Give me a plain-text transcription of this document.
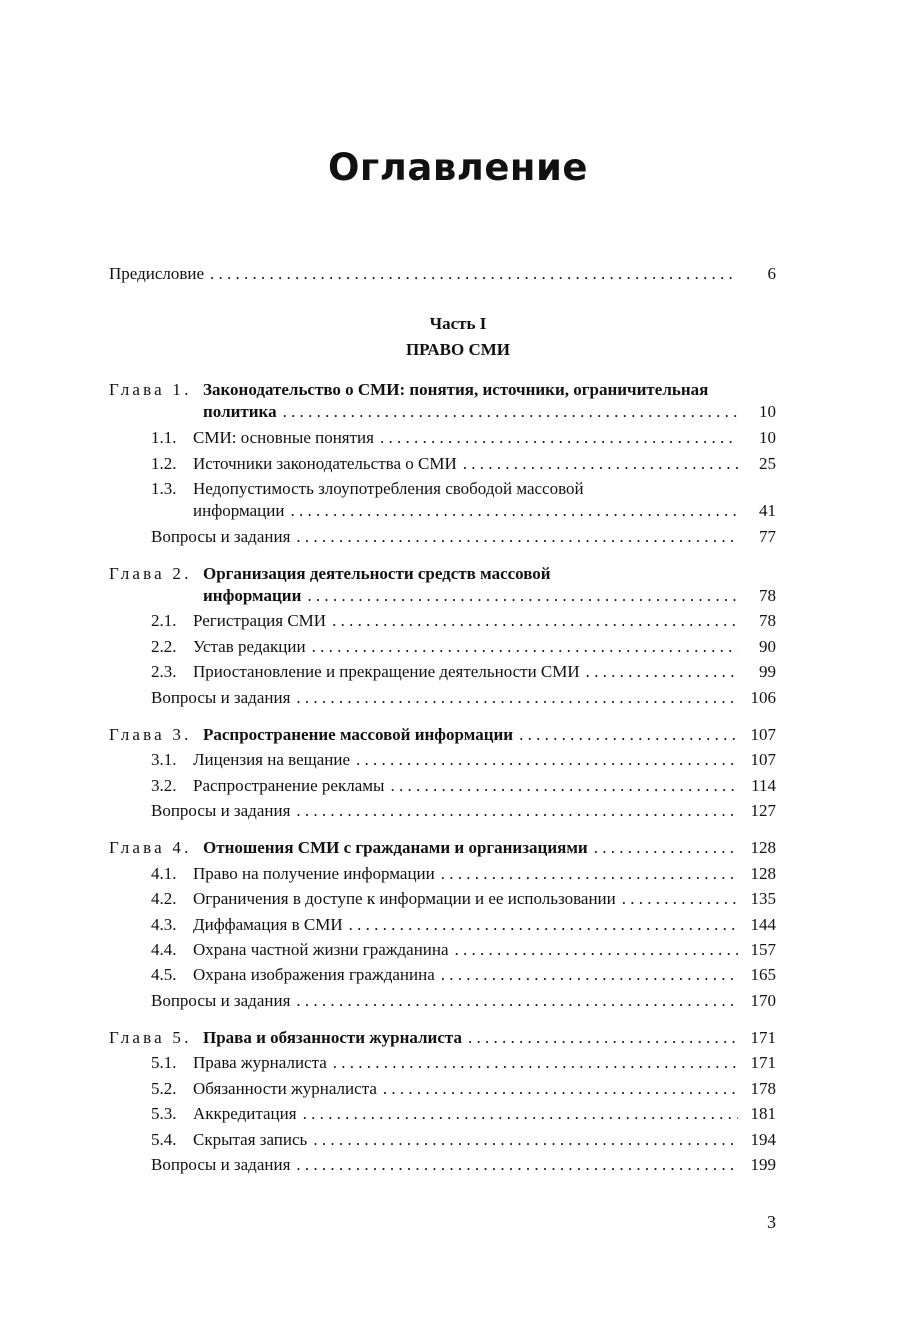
Оглавление
Предисловие . . .	6
Часть I
ПРАВО СМИ
Глава 1. Законодательство о СМИ: понятия, источники, ограничительная
политика . . .	10
1.1. СМИ: основные понятия . . .	10
1.2. Источники законодательства о СМИ . . .	25
1.3. Недопустимость злоупотребления свободой массовой
информации . . .	41
Вопросы и задания . . .	77
Глава 2. Организация деятельности средств массовой
информации . . .	78
2.1. Регистрация СМИ . . .	78
2.2. Устав редакции . . .	90
2.3. Приостановление и прекращение деятельности СМИ . . .	99
Вопросы и задания . . .	106
Глава 3. Распространение массовой информации . . .	107
3.1. Лицензия на вещание . . .	107
3.2. Распространение рекламы . . .	114
Вопросы и задания . . .	127
Глава 4. Отношения СМИ с гражданами и организациями . . .	128
4.1. Право на получение информации . . .	128
4.2. Ограничения в доступе к информации и ее использовании . . .	135
4.3. Диффамация в СМИ . . .	144
4.4. Охрана частной жизни гражданина . . .	157
4.5. Охрана изображения гражданина . . .	165
Вопросы и задания . . .	170
Глава 5. Права и обязанности журналиста . . .	171
5.1. Права журналиста . . .	171
5.2. Обязанности журналиста . . .	178
5.3. Аккредитация . . .	181
5.4. Скрытая запись . . .	194
Вопросы и задания . . .	199
3
